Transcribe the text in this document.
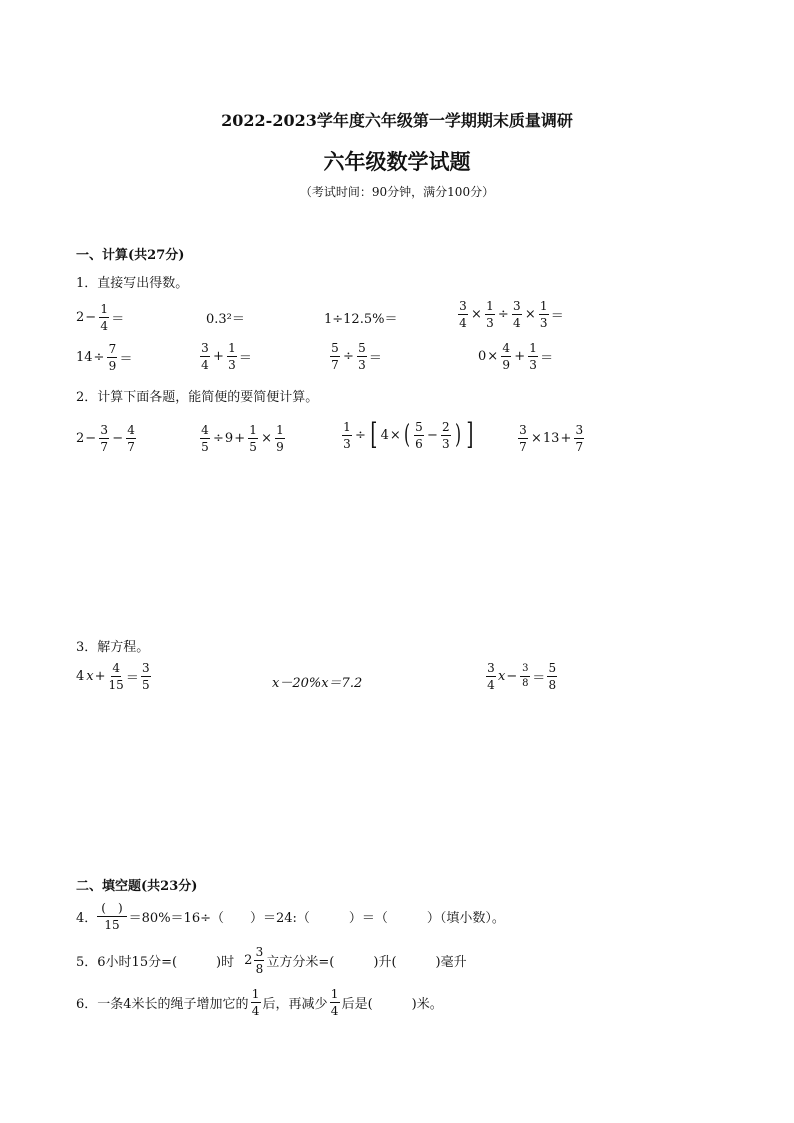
2022-2023学年度六年级第一学期期末质量调研
六年级数学试题
（考试时间：90分钟，满分100分）
一、计算(共27分)
1．直接写出得数。
$2 - \frac{1}{4}$ ＝	0.3²＝	1÷12.5%＝	$\frac{3}{4} \times \frac{1}{3} \div \frac{3}{4} \times \frac{1}{3}$ ＝
$14 \div \frac{7}{9}$ ＝	$\frac{3}{4} + \frac{1}{3}$ ＝	$\frac{5}{7} \div \frac{5}{3}$ ＝	$0 \times \frac{4}{9} + \frac{1}{3}$ ＝
2．计算下面各题，能简便的要简便计算。
$2 - \frac{3}{7} - \frac{4}{7}$	$\frac{4}{5} \div 9 + \frac{1}{5} \times \frac{1}{9}$	$\frac{1}{3}$ ÷ [ 4 × ( $\frac{5}{6} - \frac{2}{3}$ ) ]	$\frac{3}{7} \times 13 + \frac{3}{7}$
3．解方程。
4 $x + \frac{4}{15} = \frac{3}{5}$	x－20%x＝7.2	$\frac{3}{4}$ $x - \frac{3}{8} = \frac{5}{8}$
二、填空题(共23分)
4．
(　)
15 ＝80%＝16÷（　　）＝24:（　　　）＝（　　　）（填小数）。
5．6小时15分=(　　　)时 $2 \frac{3}{8}$ 立方分米=(　　　)升(　　　)毫升
6．一条4米长的绳子增加它的 $\frac{1}{4}$ 后，再减少 $\frac{1}{4}$ 后是(　　　)米。
